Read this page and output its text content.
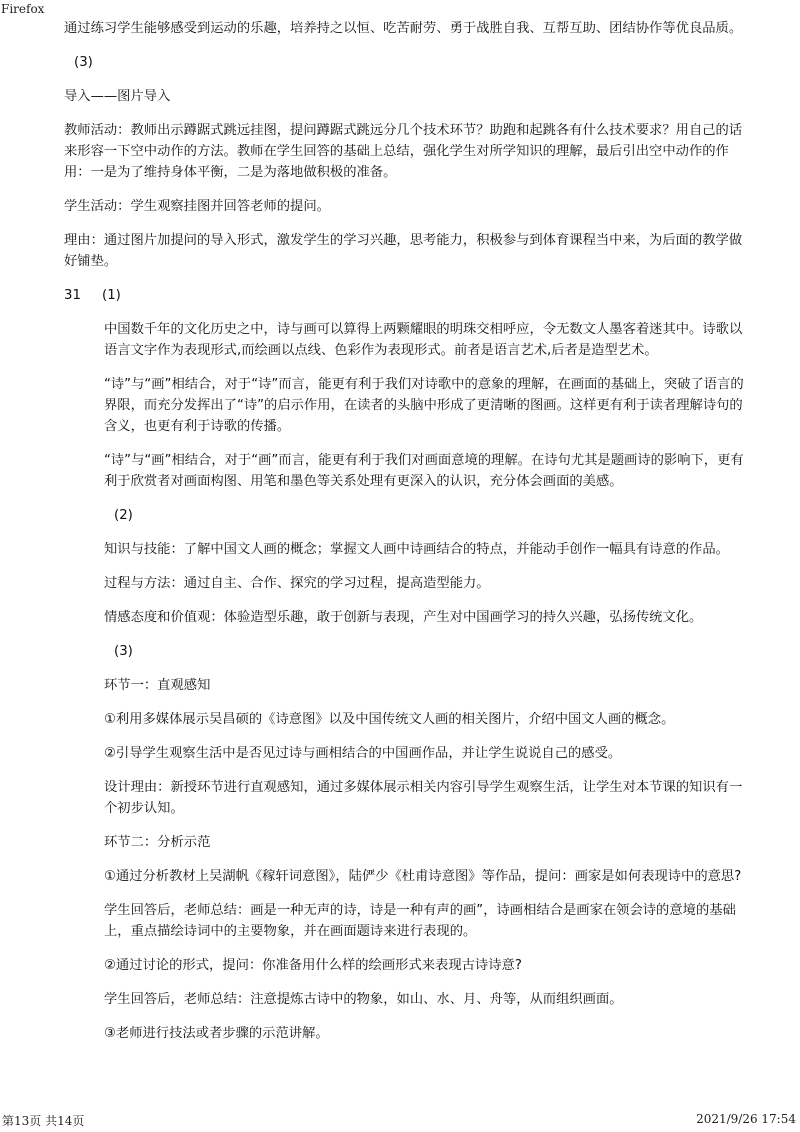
Firefox

通过练习学生能够感受到运动的乐趣，培养持之以恒、吃苦耐劳、勇于战胜自我、互帮互助、团结协作等优良品质。

(3)

导入——图片导入

教师活动：教师出示蹲踞式跳远挂图，提问蹲踞式跳远分几个技术环节？助跑和起跳各有什么技术要求？用自己的话来形容一下空中动作的方法。教师在学生回答的基础上总结，强化学生对所学知识的理解，最后引出空中动作的作用：一是为了维持身体平衡，二是为落地做积极的准备。

学生活动：学生观察挂图并回答老师的提问。

理由：通过图片加提问的导入形式，激发学生的学习兴趣，思考能力，积极参与到体育课程当中来，为后面的教学做好铺垫。

31	(1)

中国数千年的文化历史之中，诗与画可以算得上两颗耀眼的明珠交相呼应，令无数文人墨客着迷其中。诗歌以语言文字作为表现形式,而绘画以点线、色彩作为表现形式。前者是语言艺术,后者是造型艺术。

“诗”与“画”相结合，对于“诗”而言，能更有利于我们对诗歌中的意象的理解，在画面的基础上，突破了语言的界限，而充分发挥出了“诗”的启示作用，在读者的头脑中形成了更清晰的图画。这样更有利于读者理解诗句的含义，也更有利于诗歌的传播。

“诗”与“画”相结合，对于“画”而言，能更有利于我们对画面意境的理解。在诗句尤其是题画诗的影响下，更有利于欣赏者对画面构图、用笔和墨色等关系处理有更深入的认识，充分体会画面的美感。

(2)

知识与技能：了解中国文人画的概念；掌握文人画中诗画结合的特点，并能动手创作一幅具有诗意的作品。

过程与方法：通过自主、合作、探究的学习过程，提高造型能力。

情感态度和价值观：体验造型乐趣，敢于创新与表现，产生对中国画学习的持久兴趣，弘扬传统文化。

(3)

环节一：直观感知

①利用多媒体展示吴昌硕的《诗意图》以及中国传统文人画的相关图片，介绍中国文人画的概念。

②引导学生观察生活中是否见过诗与画相结合的中国画作品，并让学生说说自己的感受。

设计理由：新授环节进行直观感知，通过多媒体展示相关内容引导学生观察生活，让学生对本节课的知识有一个初步认知。

环节二：分析示范

①通过分析教材上吴湖帆《稼轩词意图》，陆俨少《杜甫诗意图》等作品，提问：画家是如何表现诗中的意思?

学生回答后，老师总结：画是一种无声的诗，诗是一种有声的画”，诗画相结合是画家在领会诗的意境的基础上，重点描绘诗词中的主要物象，并在画面题诗来进行表现的。

②通过讨论的形式，提问：你准备用什么样的绘画形式来表现古诗诗意?

学生回答后，老师总结：注意提炼古诗中的物象，如山、水、月、舟等，从而组织画面。

③老师进行技法或者步骤的示范讲解。

第13页 共14页	2021/9/26 17:54
